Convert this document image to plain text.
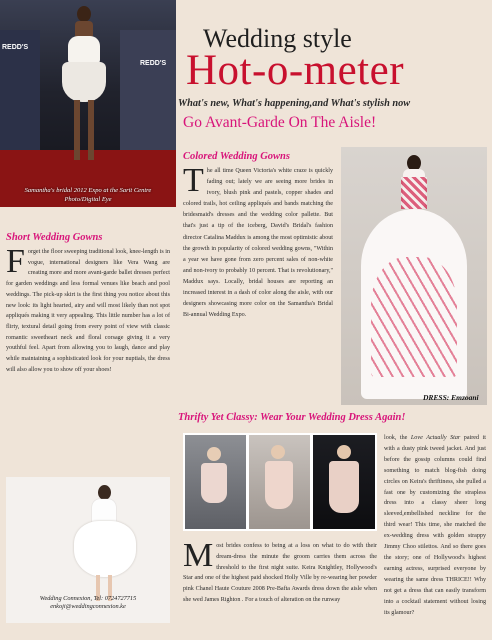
REDD'S
REDD'S
Samantha's bridal 2012 Expo at the Sarit Centre
Photo/Digital Eye
Wedding style
Hot-o-meter
What's new, What's happening,and What's stylish now
Go Avant-Garde On The Aisle!
Colored Wedding Gowns
T he all time Queen Victoria's white craze is quickly fading out; lately we are seeing more brides in ivory, blush pink and pastels, copper shades and colored trails, hot ceiling appliqués and bands matching the bridesmaid's dresses and the wedding color pallette. But that's just a tip of the iceberg, David's Bridal's fashion director Catalina Maddux is among the most optimistic about the growth in popularity of colored wedding gowns, "Within a year we have gone from zero percent sales of non-white and non-ivory to probably 10 percent. That is revolutionary," Maddux says. Locally, bridal houses are reporting an increased interest in a dash of color along the aisle, with our designers showcasing more color on the Samantha's Bridal Bi-annual Wedding Expo.
DRESS: Emzoani
Short Wedding Gowns
F orget the floor sweeping traditional look, knee-length is in vogue, international designers like Vera Wang are creating more and more avant-garde ballet dresses perfect for garden weddings and less formal venues like beach and pool weddings. The pick-up skirt is the first thing you notice about this new look: its light hearted, airy and will most likely than not spot appliqués making it very appealing. This little number has a lot of flirty, textural detail going from every point of view with classic romantic sweetheart neck and floral corsage giving it a very youthful feel. Apart from allowing you to laugh, dance and play while maintaining a sophisticated look for your nuptials, the dress will also allow you to show off your shoes!
Wedding Connexion, Tel: 0724727715
enkoji@weddingconnexion.ke
Thrifty Yet Classy: Wear Your Wedding Dress Again!
M ost brides confess to being at a loss on what to do with their dream-dress the minute the groom carries them across the threshold to the first night suite. Keira Knightley, Hollywood's Star and one of the highest paid shocked Holly Ville by re-wearing her powder pink Chanel Haute Couture 2008 Pre-Bafta Awards dress down the aisle when she wed James Righton . For a touch of alteration on the runway
look, the Love Actually Star paired it with a dusty pink tweed jacket. And just before the gossip columns could find something to match blog-fish doing circles on Keira's thriftiness, she pulled a fast one by customizing the strapless dress into a classy sheer long sleeved,embellished neckline for the third wear! This time, she matched the ex-wedding dress with golden strappy Jimmy Choo stilettos. And so there goes the story; one of Hollywood's highest earning actress, surprised everyone by wearing the same dress THRICE!! Why not get a dress that can easily transform into a cocktail statement without losing its glamour?
